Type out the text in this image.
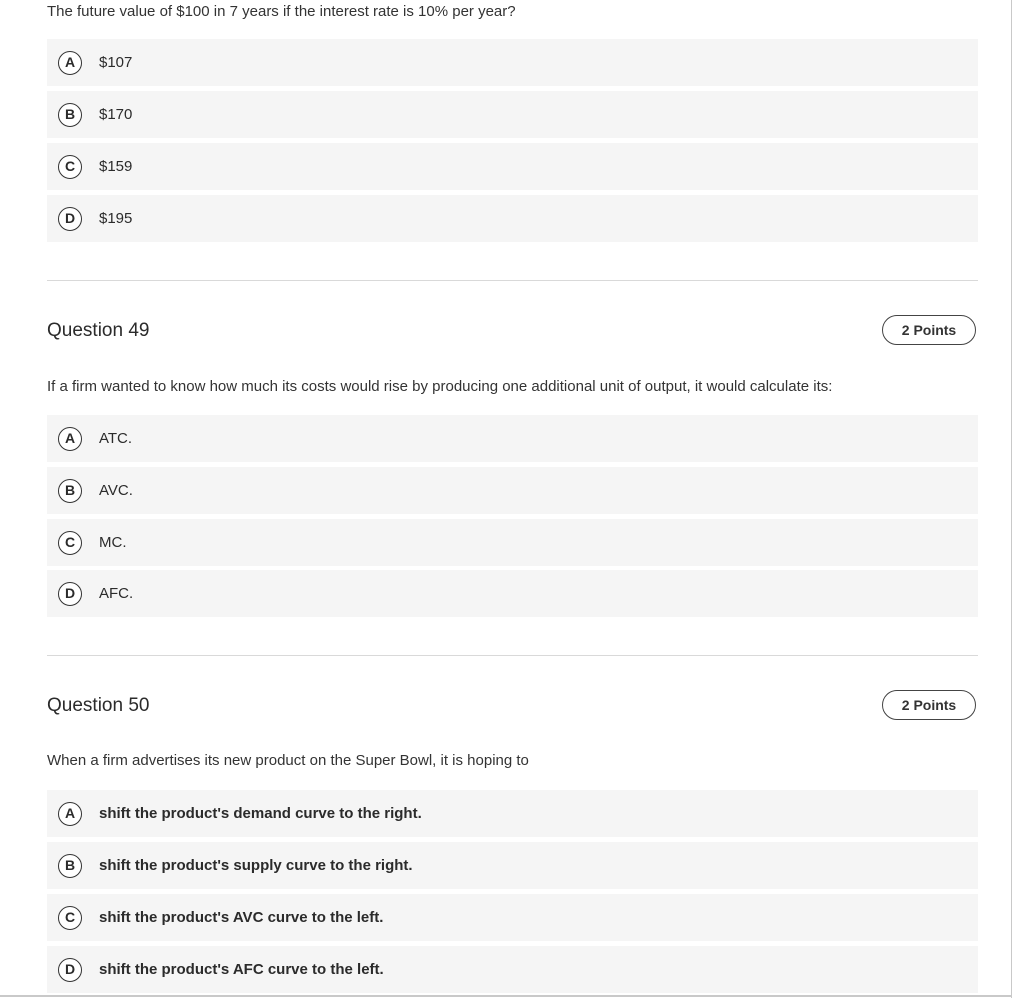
The future value of $100 in 7 years if the interest rate is 10% per year?
A	$107
B	$170
C	$159
D	$195
Question 49	2 Points
If a firm wanted to know how much its costs would rise by producing one additional unit of output, it would calculate its:
A	ATC.
B	AVC.
C	MC.
D	AFC.
Question 50	2 Points
When a firm advertises its new product on the Super Bowl, it is hoping to
A	shift the product's demand curve to the right.
B	shift the product's supply curve to the right.
C	shift the product's AVC curve to the left.
D	shift the product's AFC curve to the left.
